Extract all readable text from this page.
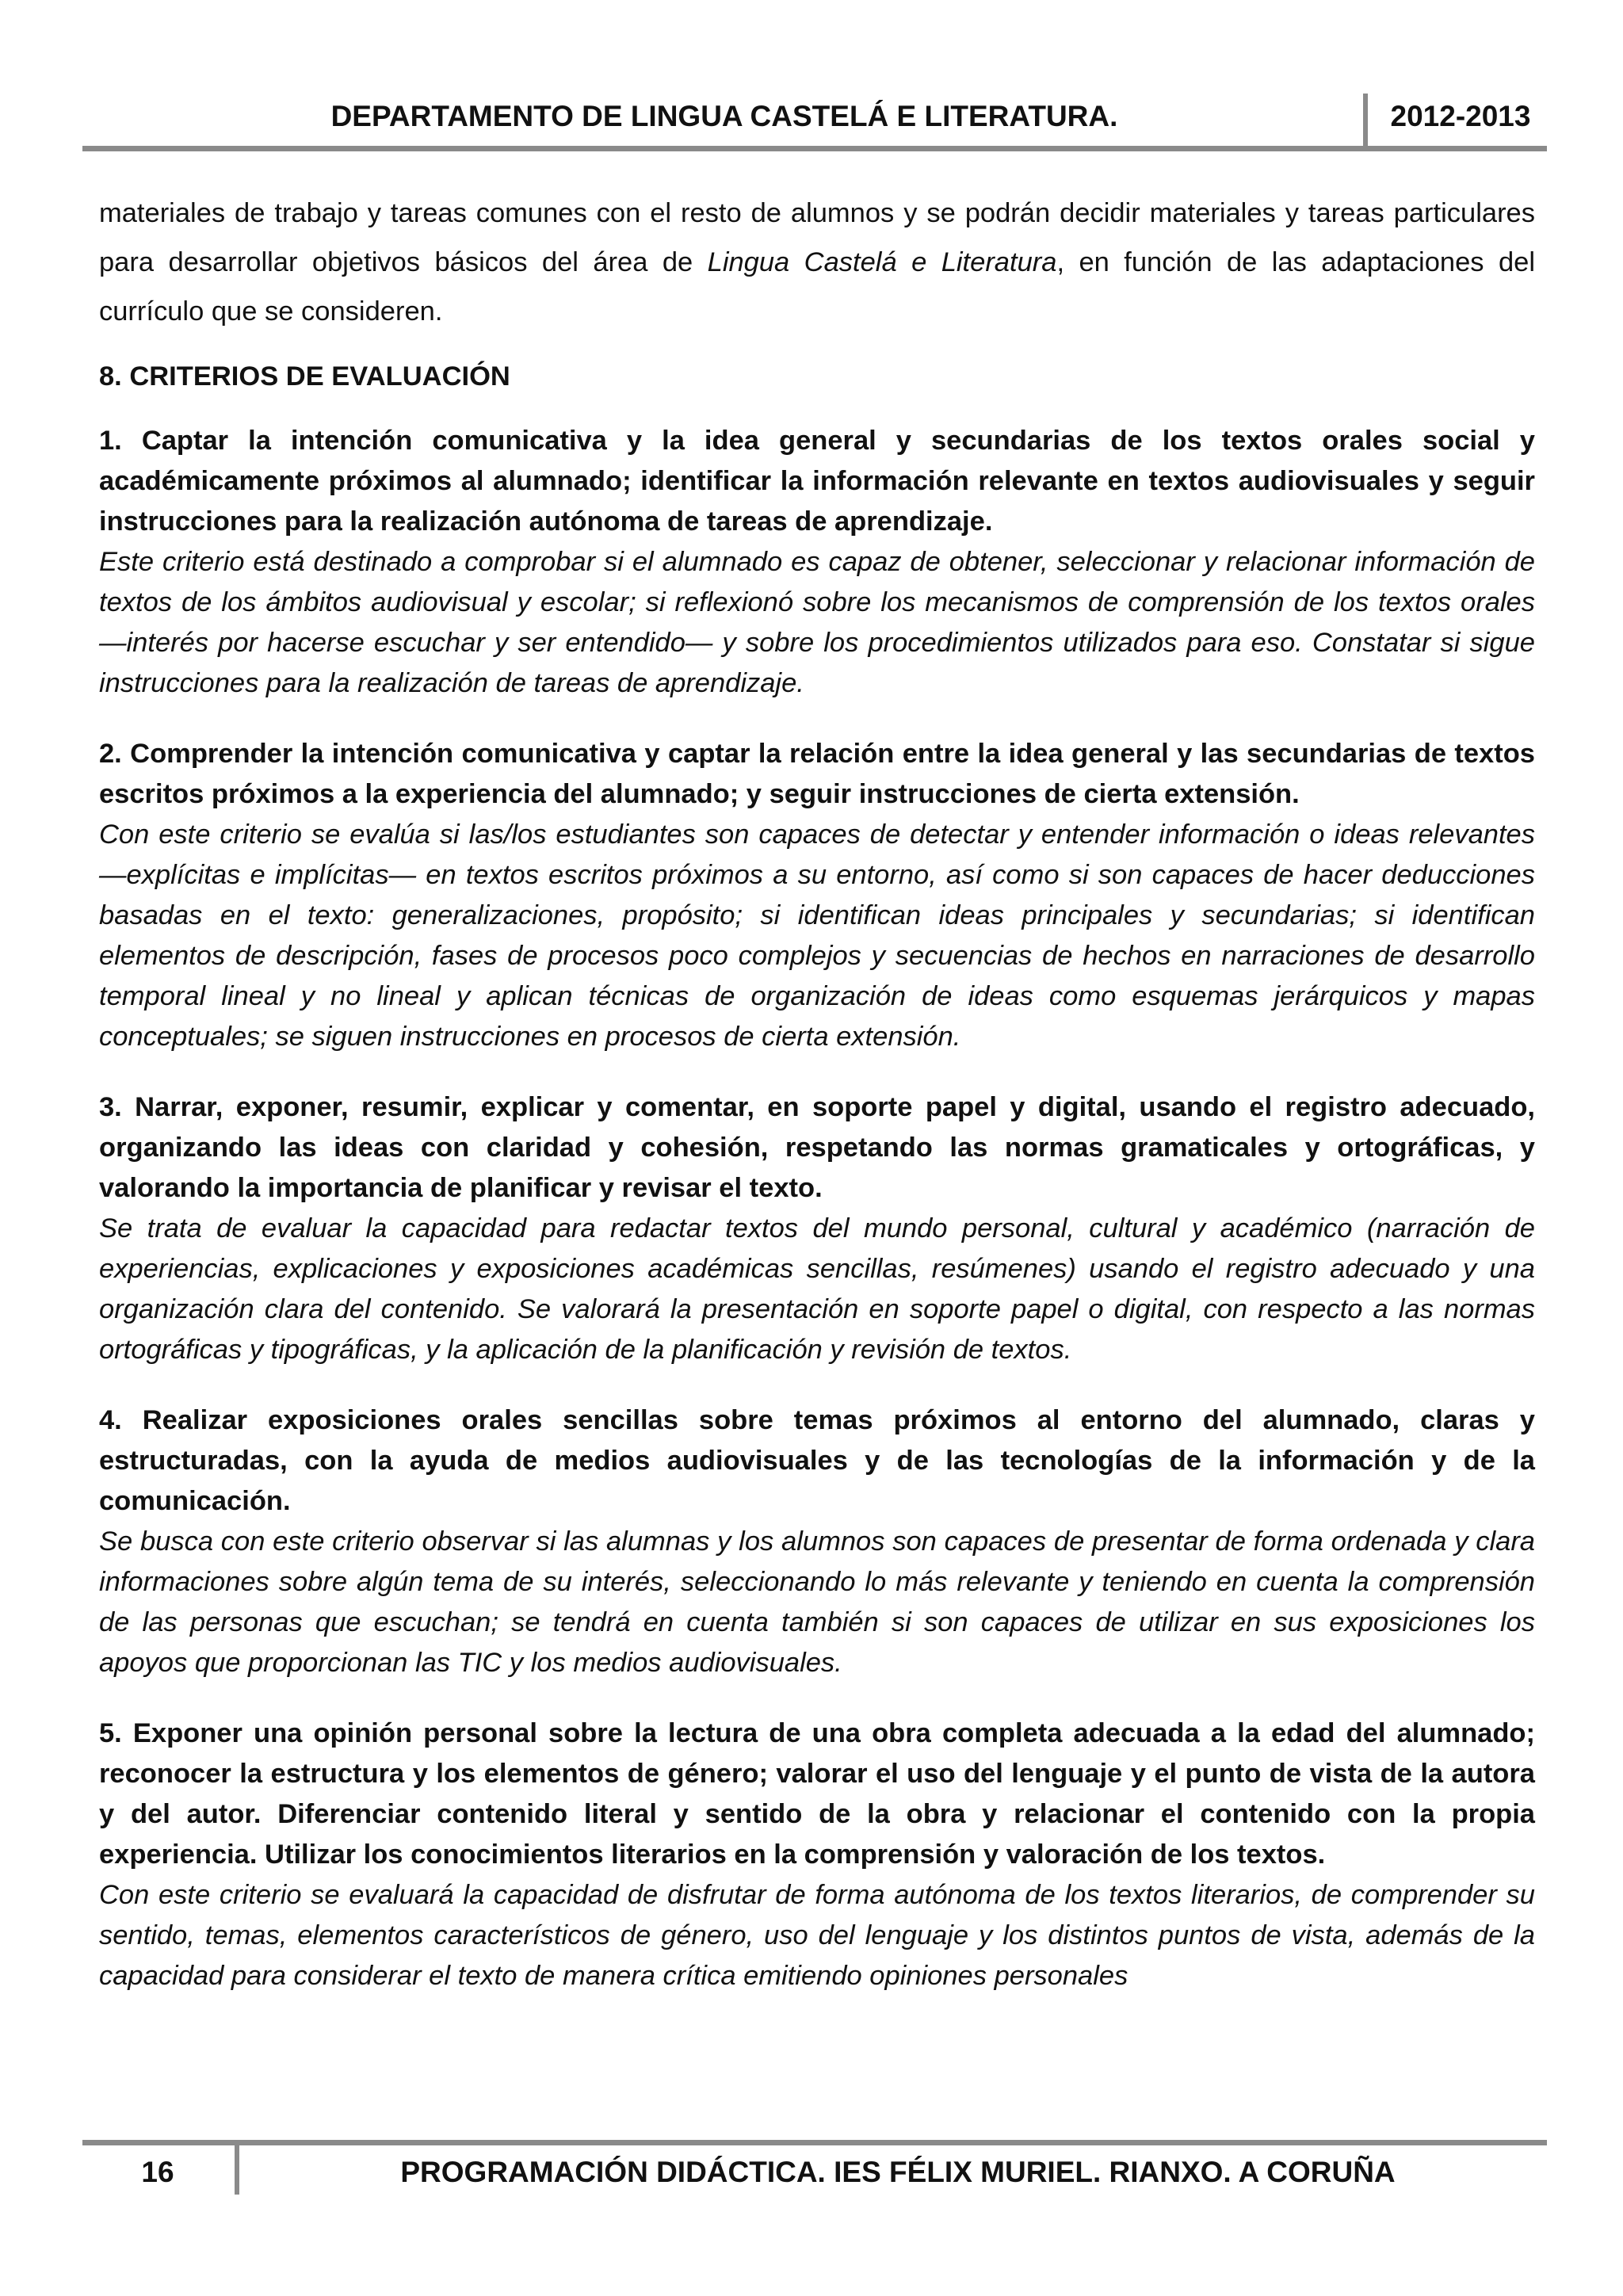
DEPARTAMENTO DE LINGUA CASTELÁ E LITERATURA.	2012-2013

materiales de trabajo y tareas comunes con el resto de alumnos y se podrán decidir materiales y tareas particulares para desarrollar objetivos básicos del área de Lingua Castelá e Literatura, en función de las adaptaciones del currículo que se consideren.

8. CRITERIOS DE EVALUACIÓN

1. Captar la intención comunicativa y la idea general y secundarias de los textos orales social y académicamente próximos al alumnado; identificar la información relevante en textos audiovisuales y seguir instrucciones para la realización autónoma de tareas de aprendizaje.

Este criterio está destinado a comprobar si el alumnado es capaz de obtener, seleccionar y relacionar información de textos de los ámbitos audiovisual y escolar; si reflexionó sobre los mecanismos de comprensión de los textos orales —interés por hacerse escuchar y ser entendido— y sobre los procedimientos utilizados para eso. Constatar si sigue instrucciones para la realización de tareas de aprendizaje.

2. Comprender la intención comunicativa y captar la relación entre la idea general y las secundarias de textos escritos próximos a la experiencia del alumnado; y seguir instrucciones de cierta extensión.

Con este criterio se evalúa si las/los estudiantes son capaces de detectar y entender información o ideas relevantes —explícitas e implícitas— en textos escritos próximos a su entorno, así como si son capaces de hacer deducciones basadas en el texto: generalizaciones, propósito; si identifican ideas principales y secundarias; si identifican elementos de descripción, fases de procesos poco complejos y secuencias de hechos en narraciones de desarrollo temporal lineal y no lineal y aplican técnicas de organización de ideas como esquemas jerárquicos y mapas conceptuales; se siguen instrucciones en procesos de cierta extensión.

3. Narrar, exponer, resumir, explicar y comentar, en soporte papel y digital, usando el registro adecuado, organizando las ideas con claridad y cohesión, respetando las normas gramaticales y ortográficas, y valorando la importancia de planificar y revisar el texto.

Se trata de evaluar la capacidad para redactar textos del mundo personal, cultural y académico (narración de experiencias, explicaciones y exposiciones académicas sencillas, resúmenes) usando el registro adecuado y una organización clara del contenido. Se valorará la presentación en soporte papel o digital, con respecto a las normas ortográficas y tipográficas, y la aplicación de la planificación y revisión de textos.

4. Realizar exposiciones orales sencillas sobre temas próximos al entorno del alumnado, claras y estructuradas, con la ayuda de medios audiovisuales y de las tecnologías de la información y de la comunicación.

Se busca con este criterio observar si las alumnas y los alumnos son capaces de presentar de forma ordenada y clara informaciones sobre algún tema de su interés, seleccionando lo más relevante y teniendo en cuenta la comprensión de las personas que escuchan; se tendrá en cuenta también si son capaces de utilizar en sus exposiciones los apoyos que proporcionan las TIC y los medios audiovisuales.

5. Exponer una opinión personal sobre la lectura de una obra completa adecuada a la edad del alumnado; reconocer la estructura y los elementos de género; valorar el uso del lenguaje y el punto de vista de la autora y del autor. Diferenciar contenido literal y sentido de la obra y relacionar el contenido con la propia experiencia. Utilizar los conocimientos literarios en la comprensión y valoración de los textos.

Con este criterio se evaluará la capacidad de disfrutar de forma autónoma de los textos literarios, de comprender su sentido, temas, elementos característicos de género, uso del lenguaje y los distintos puntos de vista, además de la capacidad para considerar el texto de manera crítica emitiendo opiniones personales

16	PROGRAMACIÓN DIDÁCTICA. IES FÉLIX MURIEL. RIANXO. A CORUÑA
